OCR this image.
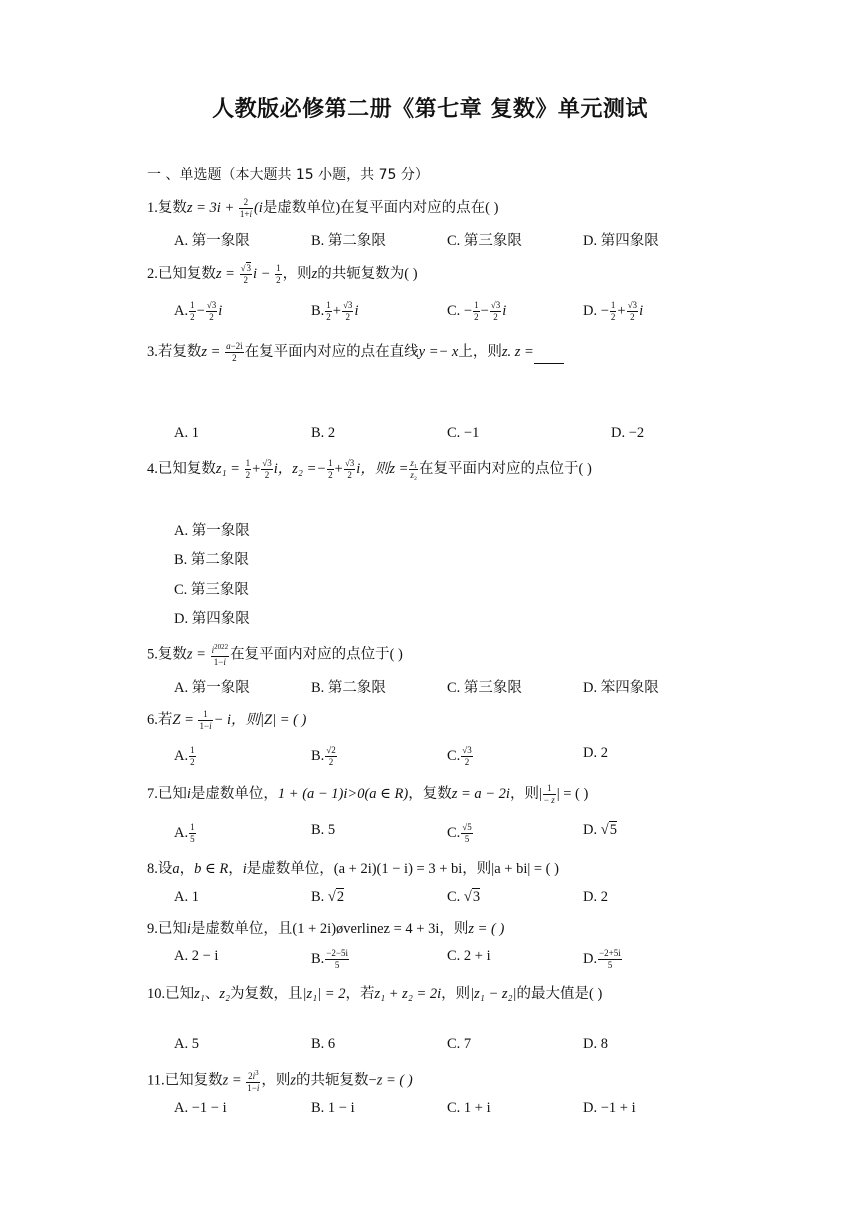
人教版必修第二册《第七章 复数》单元测试
一 、单选题（本大题共 15 小题，共 75 分）
1.复数$z = 3i + \frac{2}{1+i} (i$是虚数单位)在复平面内对应的点在( )
A. 第一象限	B. 第二象限	C. 第三象限	D. 第四象限
2.已知复数$z = \frac{√3}{2}$ $i - \frac{1}{2}$ ，则z的共轭复数为( )
A. $\frac{1}{2} - \frac{√3}{2}$ i	B. $\frac{1}{2} + \frac{√3}{2}$ i	C. − $\frac{1}{2} - \frac{√3}{2}$ i	D. − $\frac{1}{2} + \frac{√3}{2}$ i
3.若复数$z = \frac{a-2i}{2}$ 在复平面内对应的点在直线y =− x上，则z. z =
A. 1	B. 2	C. −1	D. −2
4.已知复数$z_1 = \frac{1}{2} + \frac{√3}{2}$ i，$z_2 =- \frac{1}{2} + \frac{√3}{2}$ i，则$z = \frac{\text{z₁}}{\text{z₂}}$ 在复平面内对应的点位于( )
A. 第一象限
B. 第二象限
C. 第三象限
D. 第四象限
5.复数$z = \frac{i^{2022}}{1-i}$ 在复平面内对应的点位于( )
A. 第一象限	B. 第二象限	C. 第三象限	D. 笨四象限
6.若$Z = \frac{1}{1-i} - i$，则|Z| = ( )
A. $\frac{1}{2}$	B. $\frac{√2}{2}$	C. $\frac{√3}{2}$	D. 2
7.已知i是虚数单位，1 + (a − 1)i>0(a ∈ R)，复数z = a − 2i，则| $\frac{1}{- z}$ | = ( )
A. $\frac{1}{5}$	B. 5	C. $\frac{√5}{5}$	D. √5
8.设a，b ∈ R，i是虚数单位，(a + 2i)(1 − i) = 3 + bi，则|a + bi| = ( )
A. 1	B. √2	C. √3	D. 2
9.已知i是虚数单位，且(1 + 2i)øverlinez = 4 + 3i，则z = ( )
A. 2 − i	B. $\frac{-2-5i}{5}$	C. 2 + i	D. $\frac{-2+5i}{5}$
10.已知z₁、z₂为复数，且|z₁| = 2，若z₁ + z₂ = 2i，则|z₁ − z₂|的最大值是( )
A. 5	B. 6	C. 7	D. 8
11.已知复数$z = \frac{2i^3}{1-i}$ ，则z的共轭复数−z = ( )
A. −1 − i	B. 1 − i	C. 1 + i	D. −1 + i
